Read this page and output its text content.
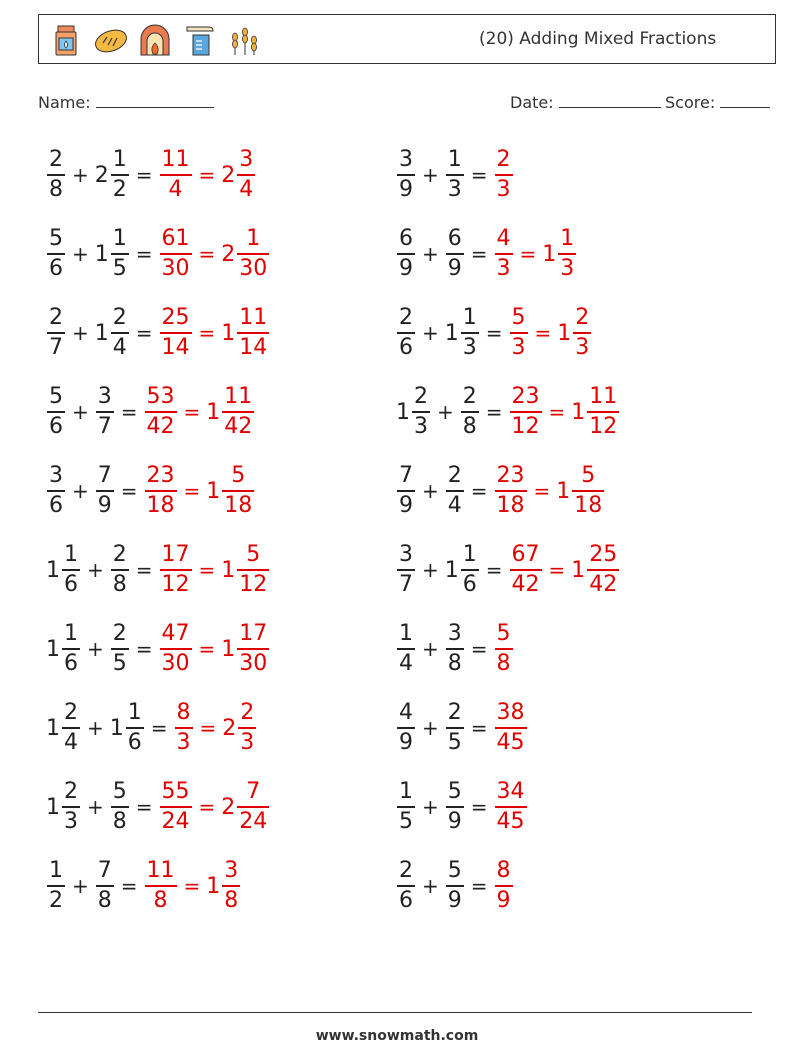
(20) Adding Mixed Fractions
Name:	Date:	Score:
$\frac{2}{8} + 2 \frac{1}{2} = \frac{11}{4} = 2 \frac{3}{4}$	$\frac{3}{9} + \frac{1}{3} = \frac{2}{3}$
$\frac{5}{6} + 1 \frac{1}{5} = \frac{61}{30} = 2 \frac{1}{30}$	$\frac{6}{9} + \frac{6}{9} = \frac{4}{3} = 1 \frac{1}{3}$
$\frac{2}{7} + 1 \frac{2}{4} = \frac{25}{14} = 1 \frac{11}{14}$	$\frac{2}{6} + 1 \frac{1}{3} = \frac{5}{3} = 1 \frac{2}{3}$
$\frac{5}{6} + \frac{3}{7} = \frac{53}{42} = 1 \frac{11}{42}$	$1 \frac{2}{3} + \frac{2}{8} = \frac{23}{12} = 1 \frac{11}{12}$
$\frac{3}{6} + \frac{7}{9} = \frac{23}{18} = 1 \frac{5}{18}$	$\frac{7}{9} + \frac{2}{4} = \frac{23}{18} = 1 \frac{5}{18}$
$1 \frac{1}{6} + \frac{2}{8} = \frac{17}{12} = 1 \frac{5}{12}$	$\frac{3}{7} + 1 \frac{1}{6} = \frac{67}{42} = 1 \frac{25}{42}$
$1 \frac{1}{6} + \frac{2}{5} = \frac{47}{30} = 1 \frac{17}{30}$	$\frac{1}{4} + \frac{3}{8} = \frac{5}{8}$
$1 \frac{2}{4} + 1 \frac{1}{6} = \frac{8}{3} = 2 \frac{2}{3}$	$\frac{4}{9} + \frac{2}{5} = \frac{38}{45}$
$1 \frac{2}{3} + \frac{5}{8} = \frac{55}{24} = 2 \frac{7}{24}$	$\frac{1}{5} + \frac{5}{9} = \frac{34}{45}$
$\frac{1}{2} + \frac{7}{8} = \frac{11}{8} = 1 \frac{3}{8}$	$\frac{2}{6} + \frac{5}{9} = \frac{8}{9}$
www.snowmath.com
